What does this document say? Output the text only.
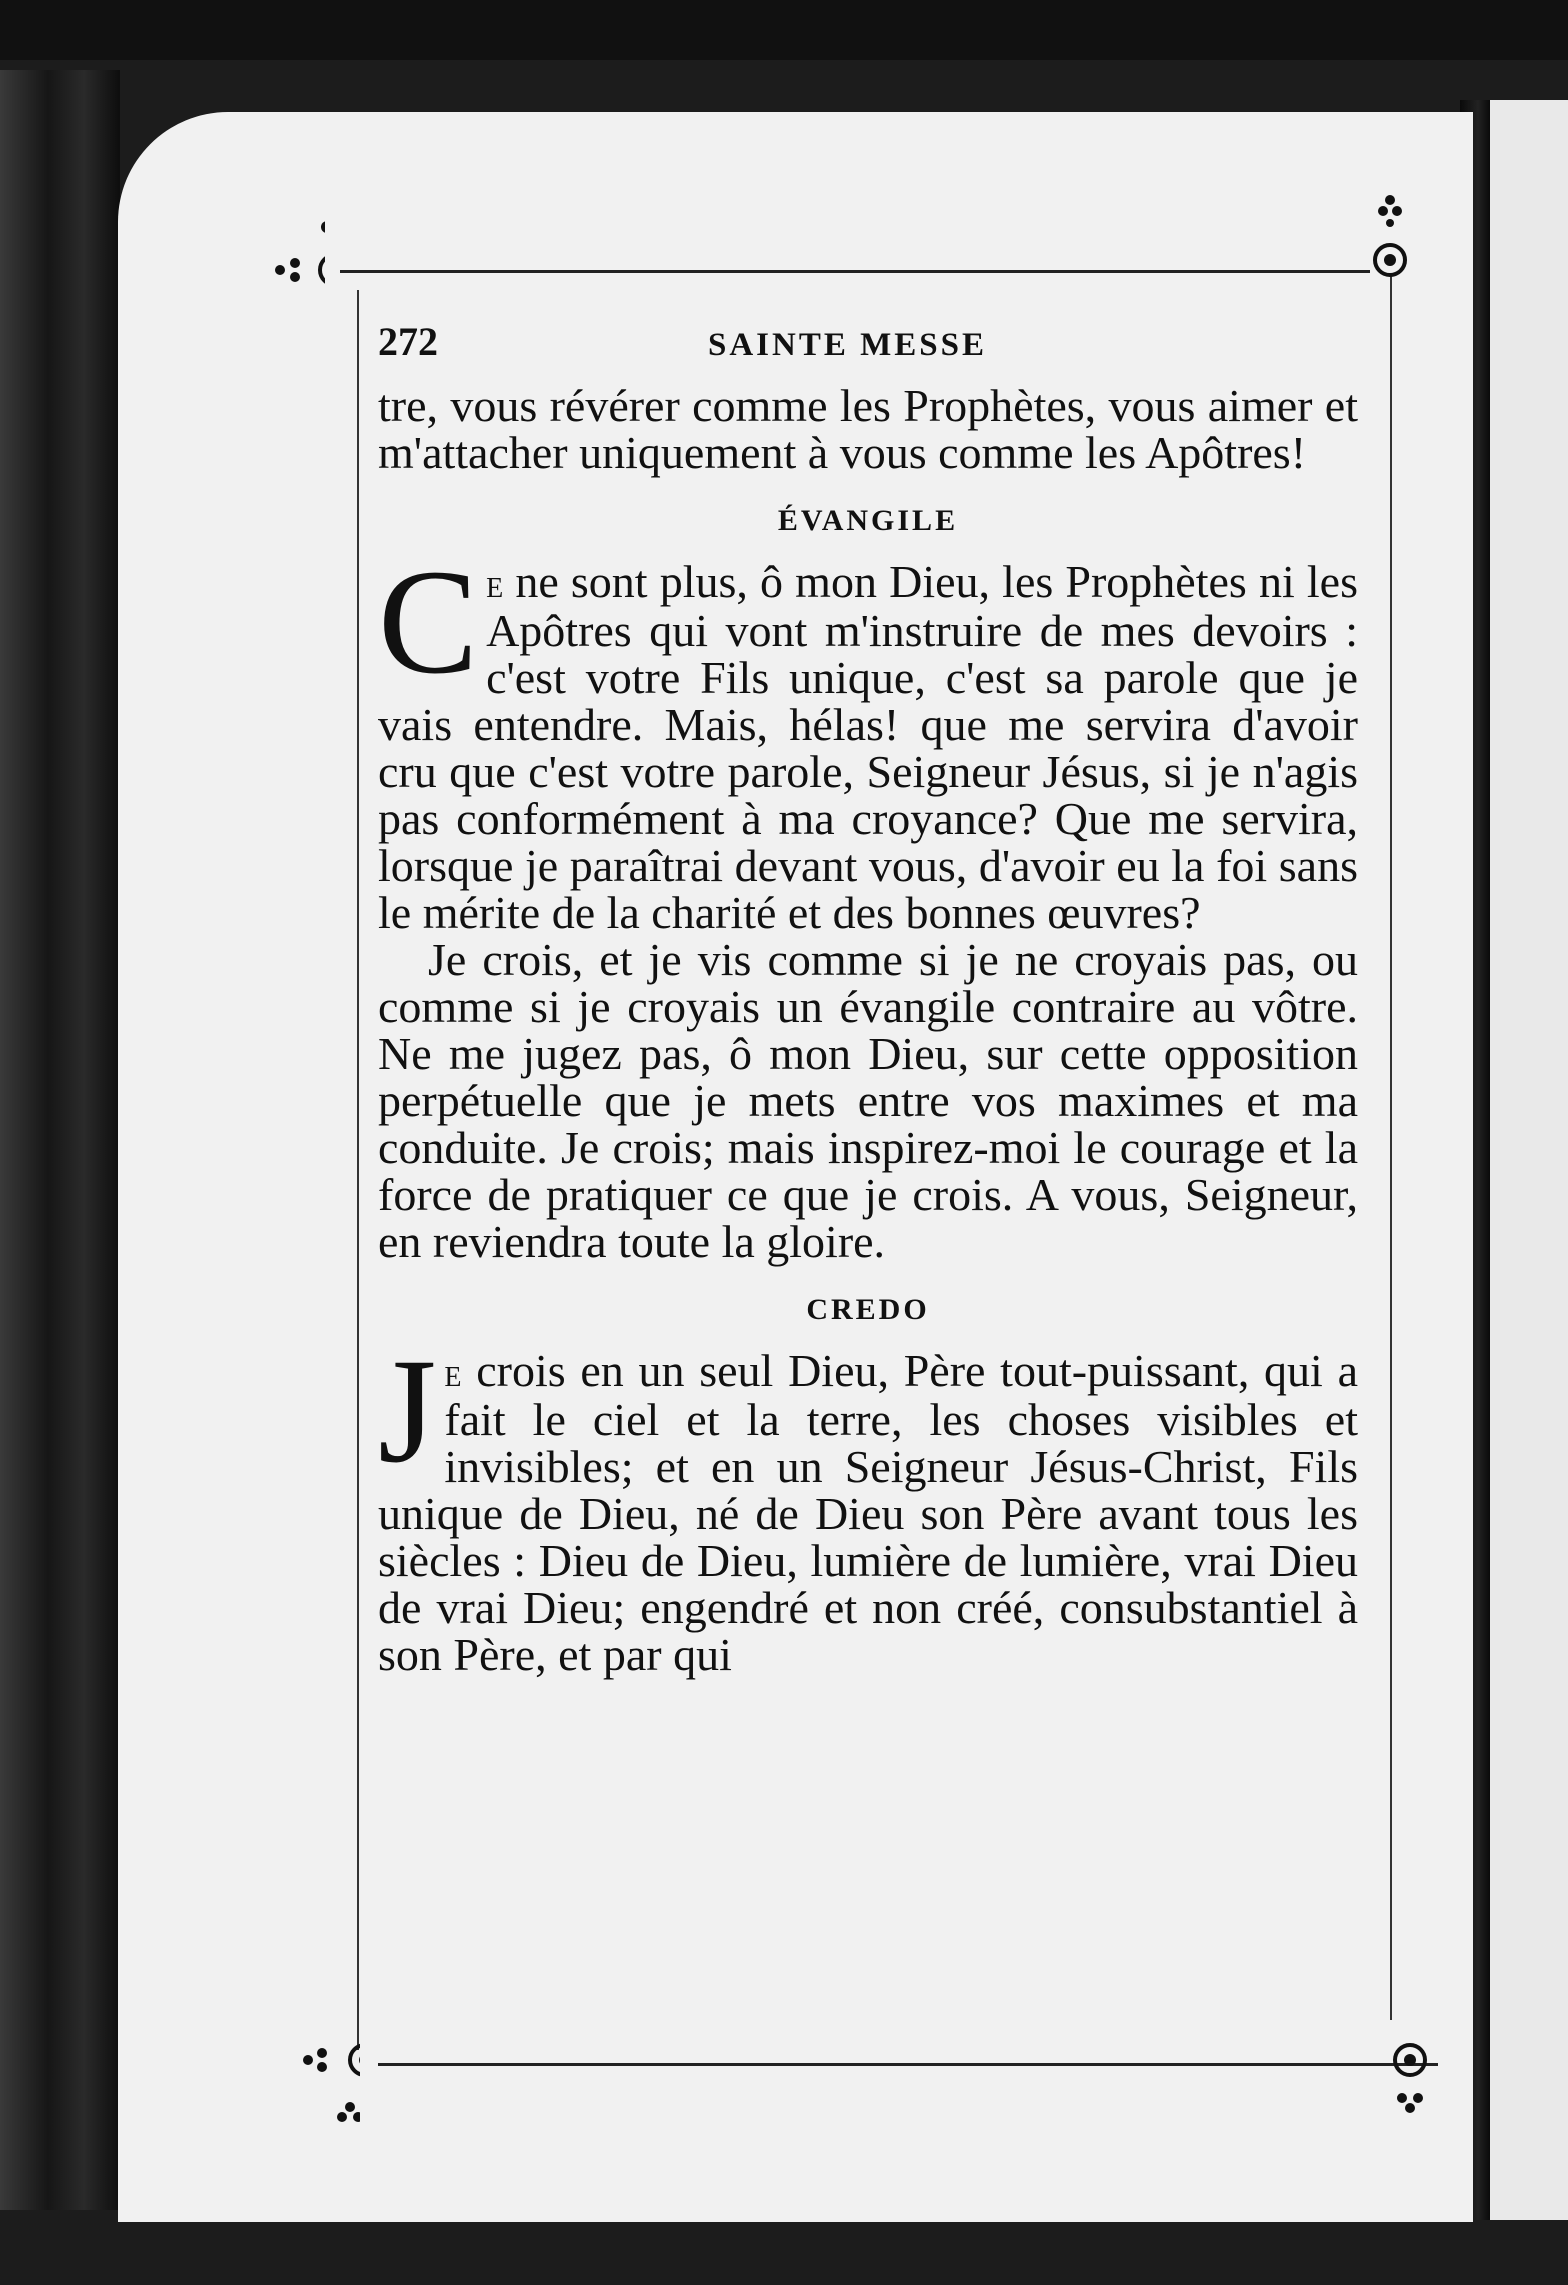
272	SAINTE MESSE

tre, vous révérer comme les Prophètes, vous aimer et m'attacher uniquement à vous comme les Apôtres!

ÉVANGILE

Ce ne sont plus, ô mon Dieu, les Prophètes ni les Apôtres qui vont m'instruire de mes devoirs : c'est votre Fils unique, c'est sa parole que je vais entendre. Mais, hélas! que me servira d'avoir cru que c'est votre parole, Seigneur Jésus, si je n'agis pas conformément à ma croyance? Que me servira, lorsque je paraîtrai devant vous, d'avoir eu la foi sans le mérite de la charité et des bonnes œuvres?

Je crois, et je vis comme si je ne croyais pas, ou comme si je croyais un évangile contraire au vôtre. Ne me jugez pas, ô mon Dieu, sur cette opposition perpétuelle que je mets entre vos maximes et ma conduite. Je crois; mais inspirez-moi le courage et la force de pratiquer ce que je crois. A vous, Seigneur, en reviendra toute la gloire.

CREDO

Je crois en un seul Dieu, Père tout-puissant, qui a fait le ciel et la terre, les choses visibles et invisibles; et en un Seigneur Jésus-Christ, Fils unique de Dieu, né de Dieu son Père avant tous les siècles : Dieu de Dieu, lumière de lumière, vrai Dieu de vrai Dieu; engendré et non créé, consubstantiel à son Père, et par qui
